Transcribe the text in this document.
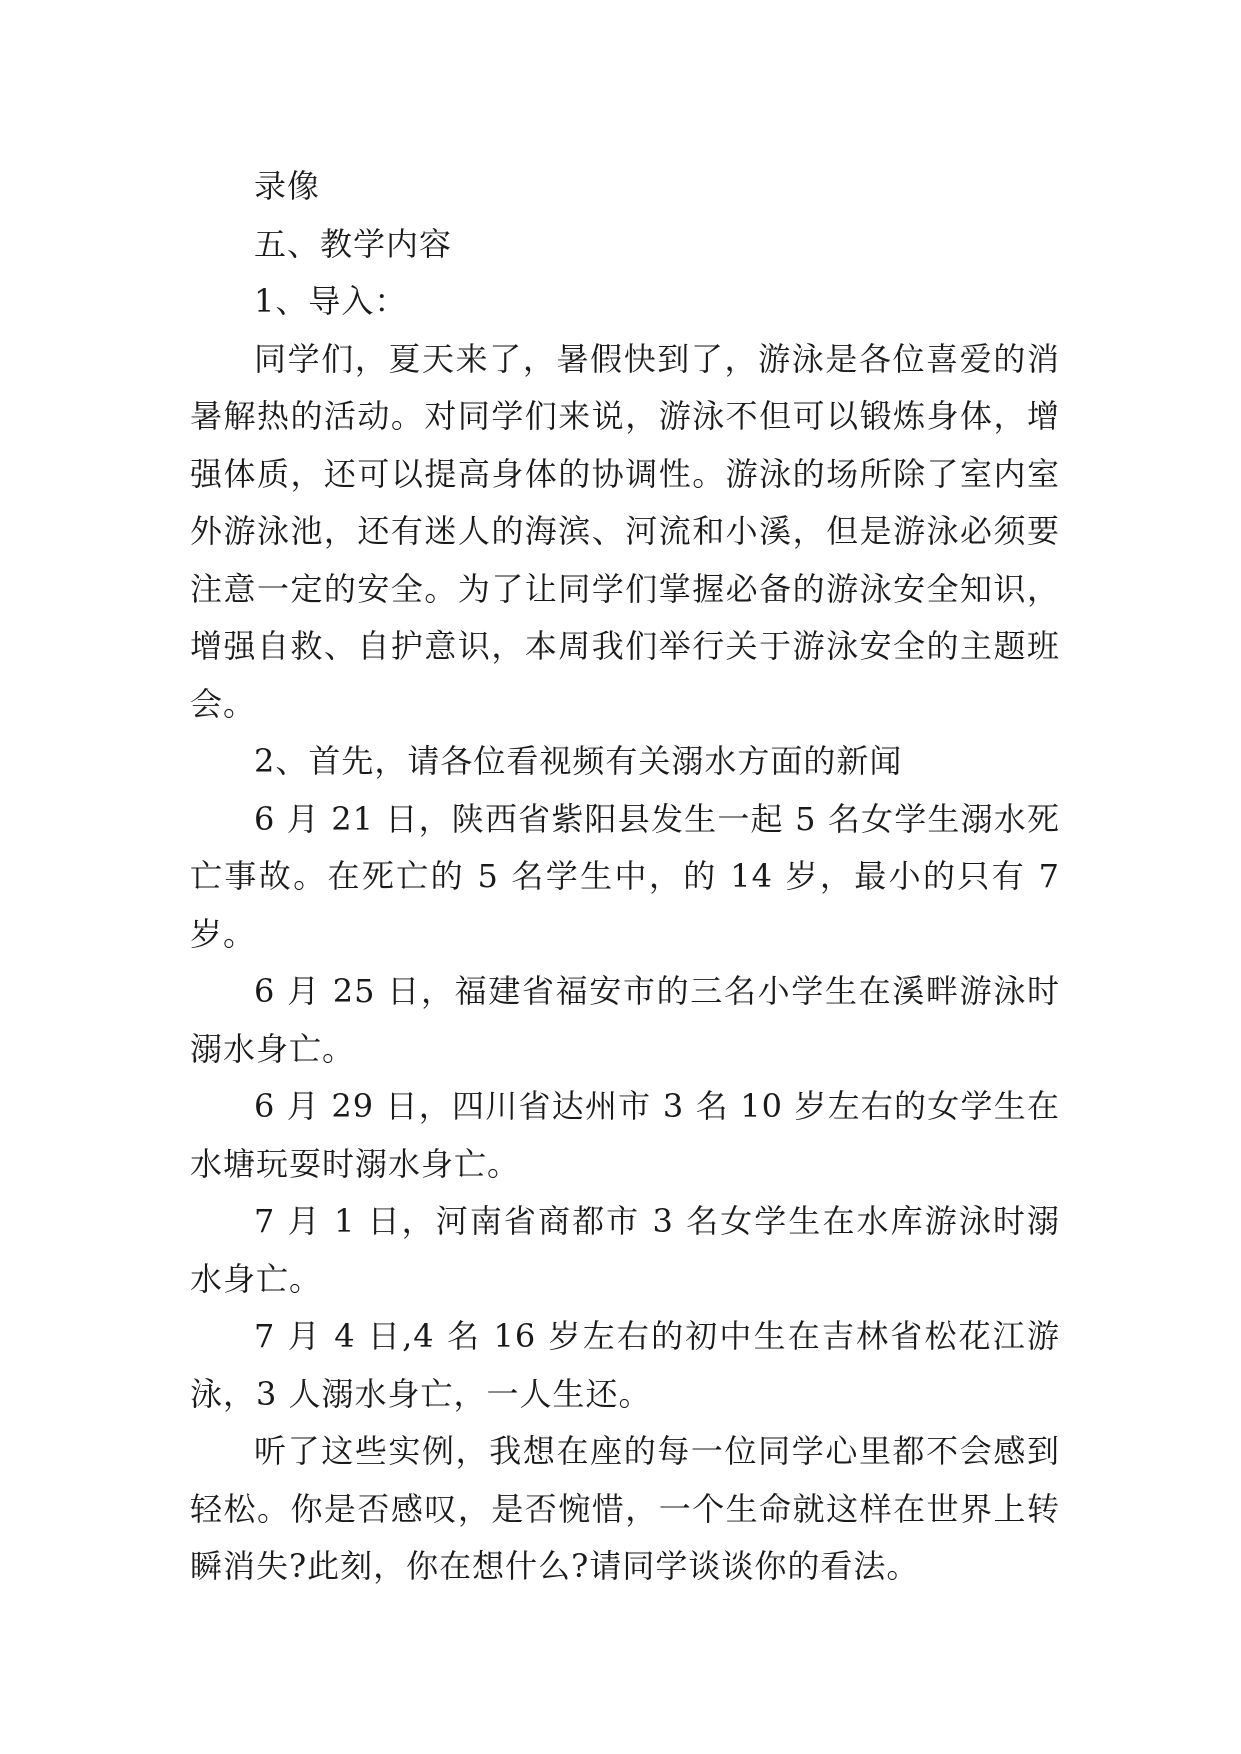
录像

五、教学内容

1、导入：

同学们，夏天来了，暑假快到了，游泳是各位喜爱的消暑解热的活动。对同学们来说，游泳不但可以锻炼身体，增强体质，还可以提高身体的协调性。游泳的场所除了室内室外游泳池，还有迷人的海滨、河流和小溪，但是游泳必须要注意一定的安全。为了让同学们掌握必备的游泳安全知识，增强自救、自护意识，本周我们举行关于游泳安全的主题班会。

2、首先，请各位看视频有关溺水方面的新闻

6 月 21 日，陕西省紫阳县发生一起 5 名女学生溺水死亡事故。在死亡的 5 名学生中，的 14 岁，最小的只有 7 岁。

6 月 25 日，福建省福安市的三名小学生在溪畔游泳时溺水身亡。

6 月 29 日，四川省达州市 3 名 10 岁左右的女学生在水塘玩耍时溺水身亡。

7 月 1 日，河南省商都市 3 名女学生在水库游泳时溺水身亡。

7 月 4 日,4 名 16 岁左右的初中生在吉林省松花江游泳，3 人溺水身亡，一人生还。

听了这些实例，我想在座的每一位同学心里都不会感到轻松。你是否感叹，是否惋惜，一个生命就这样在世界上转瞬消失?此刻，你在想什么?请同学谈谈你的看法。
